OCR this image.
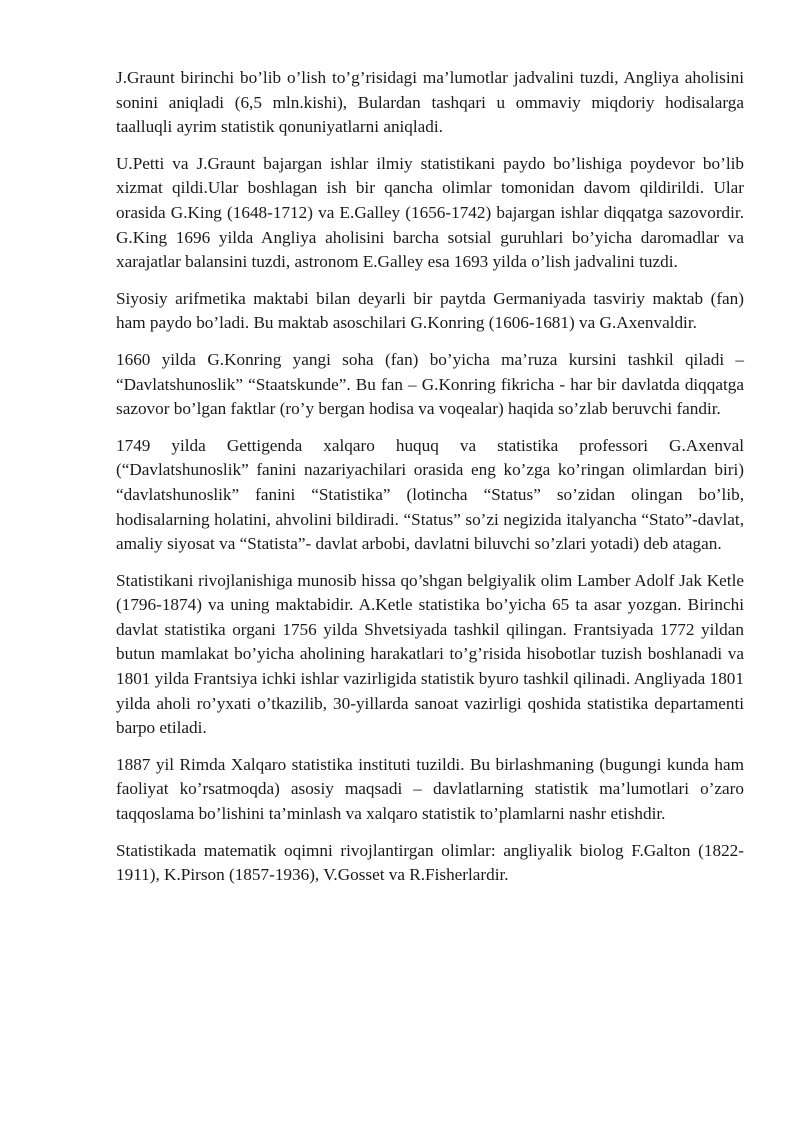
J.Graunt birinchi bo’lib o’lish to’g’risidagi ma’lumotlar jadvalini tuzdi, Angliya aholisini sonini aniqladi (6,5 mln.kishi), Bulardan tashqari u ommaviy miqdoriy hodisalarga taalluqli ayrim statistik qonuniyatlarni aniqladi.

U.Petti va J.Graunt bajargan ishlar ilmiy statistikani paydo bo’lishiga poydevor bo’lib xizmat qildi.Ular boshlagan ish bir qancha olimlar tomonidan davom qildirildi. Ular orasida G.King (1648-1712) va E.Galley (1656-1742) bajargan ishlar diqqatga sazovordir. G.King 1696 yilda Angliya aholisini barcha sotsial guruhlari bo’yicha daromadlar va xarajatlar balansini tuzdi, astronom E.Galley esa 1693 yilda o’lish jadvalini tuzdi.

Siyosiy arifmetika maktabi bilan deyarli bir paytda Germaniyada tasviriy maktab (fan) ham paydo bo’ladi. Bu maktab asoschilari G.Konring (1606-1681) va G.Axenvaldir.

1660 yilda G.Konring yangi soha (fan) bo’yicha ma’ruza kursini tashkil qiladi – “Davlatshunoslik” “Staatskunde”. Bu fan – G.Konring fikricha - har bir davlatda diqqatga sazovor bo’lgan faktlar (ro’y bergan hodisa va voqealar) haqida so’zlab beruvchi fandir.

1749 yilda Gettigenda xalqaro huquq va statistika professori G.Axenval (“Davlatshunoslik” fanini nazariyachilari orasida eng ko’zga ko’ringan olimlardan biri) “davlatshunoslik” fanini “Statistika” (lotincha “Status” so’zidan olingan bo’lib, hodisalarning holatini, ahvolini bildiradi. “Status” so’zi negizida italyancha “Stato”-davlat, amaliy siyosat va “Statista”- davlat arbobi, davlatni biluvchi so’zlari yotadi) deb atagan.

Statistikani rivojlanishiga munosib hissa qo’shgan belgiyalik olim Lamber Adolf Jak Ketle (1796-1874) va uning maktabidir. A.Ketle statistika bo’yicha 65 ta asar yozgan. Birinchi davlat statistika organi 1756 yilda Shvetsiyada tashkil qilingan. Frantsiyada 1772 yildan butun mamlakat bo’yicha aholining harakatlari to’g’risida hisobotlar tuzish boshlanadi va 1801 yilda Frantsiya ichki ishlar vazirligida statistik byuro tashkil qilinadi. Angliyada 1801 yilda aholi ro’yxati o’tkazilib, 30-yillarda sanoat vazirligi qoshida statistika departamenti barpo etiladi.

1887 yil Rimda Xalqaro statistika instituti tuzildi. Bu birlashmaning (bugungi kunda ham faoliyat ko’rsatmoqda) asosiy maqsadi – davlatlarning statistik ma’lumotlari o’zaro taqqoslama bo’lishini ta’minlash va xalqaro statistik to’plamlarni nashr etishdir.

Statistikada matematik oqimni rivojlantirgan olimlar: angliyalik biolog F.Galton (1822-1911), K.Pirson (1857-1936), V.Gosset va R.Fisherlardir.
